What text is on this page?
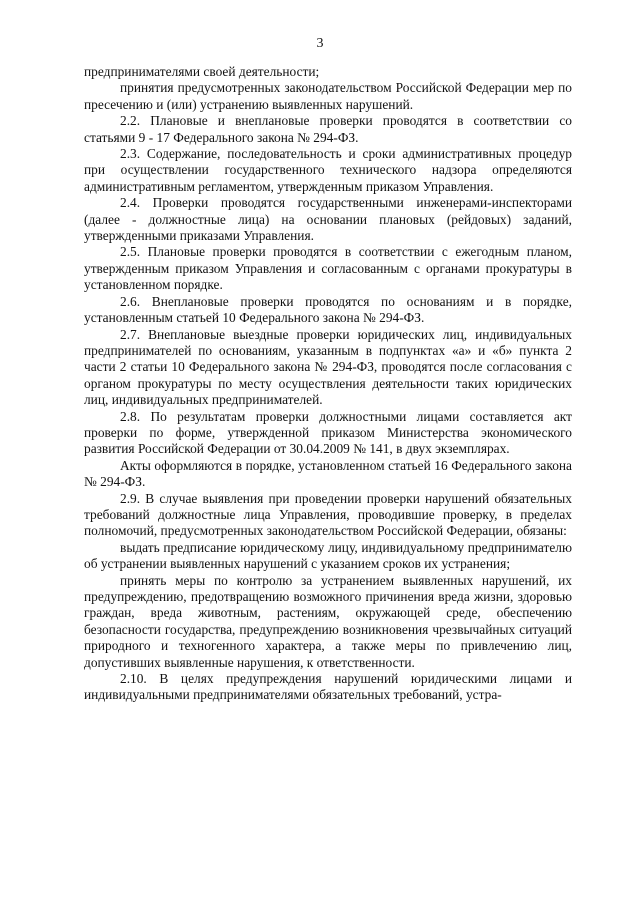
3

предпринимателями своей деятельности;

принятия предусмотренных законодательством Российской Федерации мер по пресечению и (или) устранению выявленных нарушений.

2.2. Плановые и внеплановые проверки проводятся в соответствии со статьями 9 - 17 Федерального закона № 294-ФЗ.

2.3. Содержание, последовательность и сроки административных процедур при осуществлении государственного технического надзора определяются административным регламентом, утвержденным приказом Управления.

2.4. Проверки проводятся государственными инженерами-инспекторами (далее - должностные лица) на основании плановых (рейдовых) заданий, утвержденными приказами Управления.

2.5. Плановые проверки проводятся в соответствии с ежегодным планом, утвержденным приказом Управления и согласованным с органами прокуратуры в установленном порядке.

2.6. Внеплановые проверки проводятся по основаниям и в порядке, установленным статьей 10 Федерального закона № 294-ФЗ.

2.7. Внеплановые выездные проверки юридических лиц, индивидуальных предпринимателей по основаниям, указанным в подпунктах «а» и «б» пункта 2 части 2 статьи 10 Федерального закона № 294-ФЗ, проводятся после согласования с органом прокуратуры по месту осуществления деятельности таких юридических лиц, индивидуальных предпринимателей.

2.8. По результатам проверки должностными лицами составляется акт проверки по форме, утвержденной приказом Министерства экономического развития Российской Федерации от 30.04.2009 № 141, в двух экземплярах.

Акты оформляются в порядке, установленном статьей 16 Федерального закона № 294-ФЗ.

2.9. В случае выявления при проведении проверки нарушений обязательных требований должностные лица Управления, проводившие проверку, в пределах полномочий, предусмотренных законодательством Российской Федерации, обязаны:

выдать предписание юридическому лицу, индивидуальному предпринимателю об устранении выявленных нарушений с указанием сроков их устранения;

принять меры по контролю за устранением выявленных нарушений, их предупреждению, предотвращению возможного причинения вреда жизни, здоровью граждан, вреда животным, растениям, окружающей среде, обеспечению безопасности государства, предупреждению возникновения чрезвычайных ситуаций природного и техногенного характера, а также меры по привлечению лиц, допустивших выявленные нарушения, к ответственности.

2.10. В целях предупреждения нарушений юридическими лицами и индивидуальными предпринимателями обязательных требований, устра-
